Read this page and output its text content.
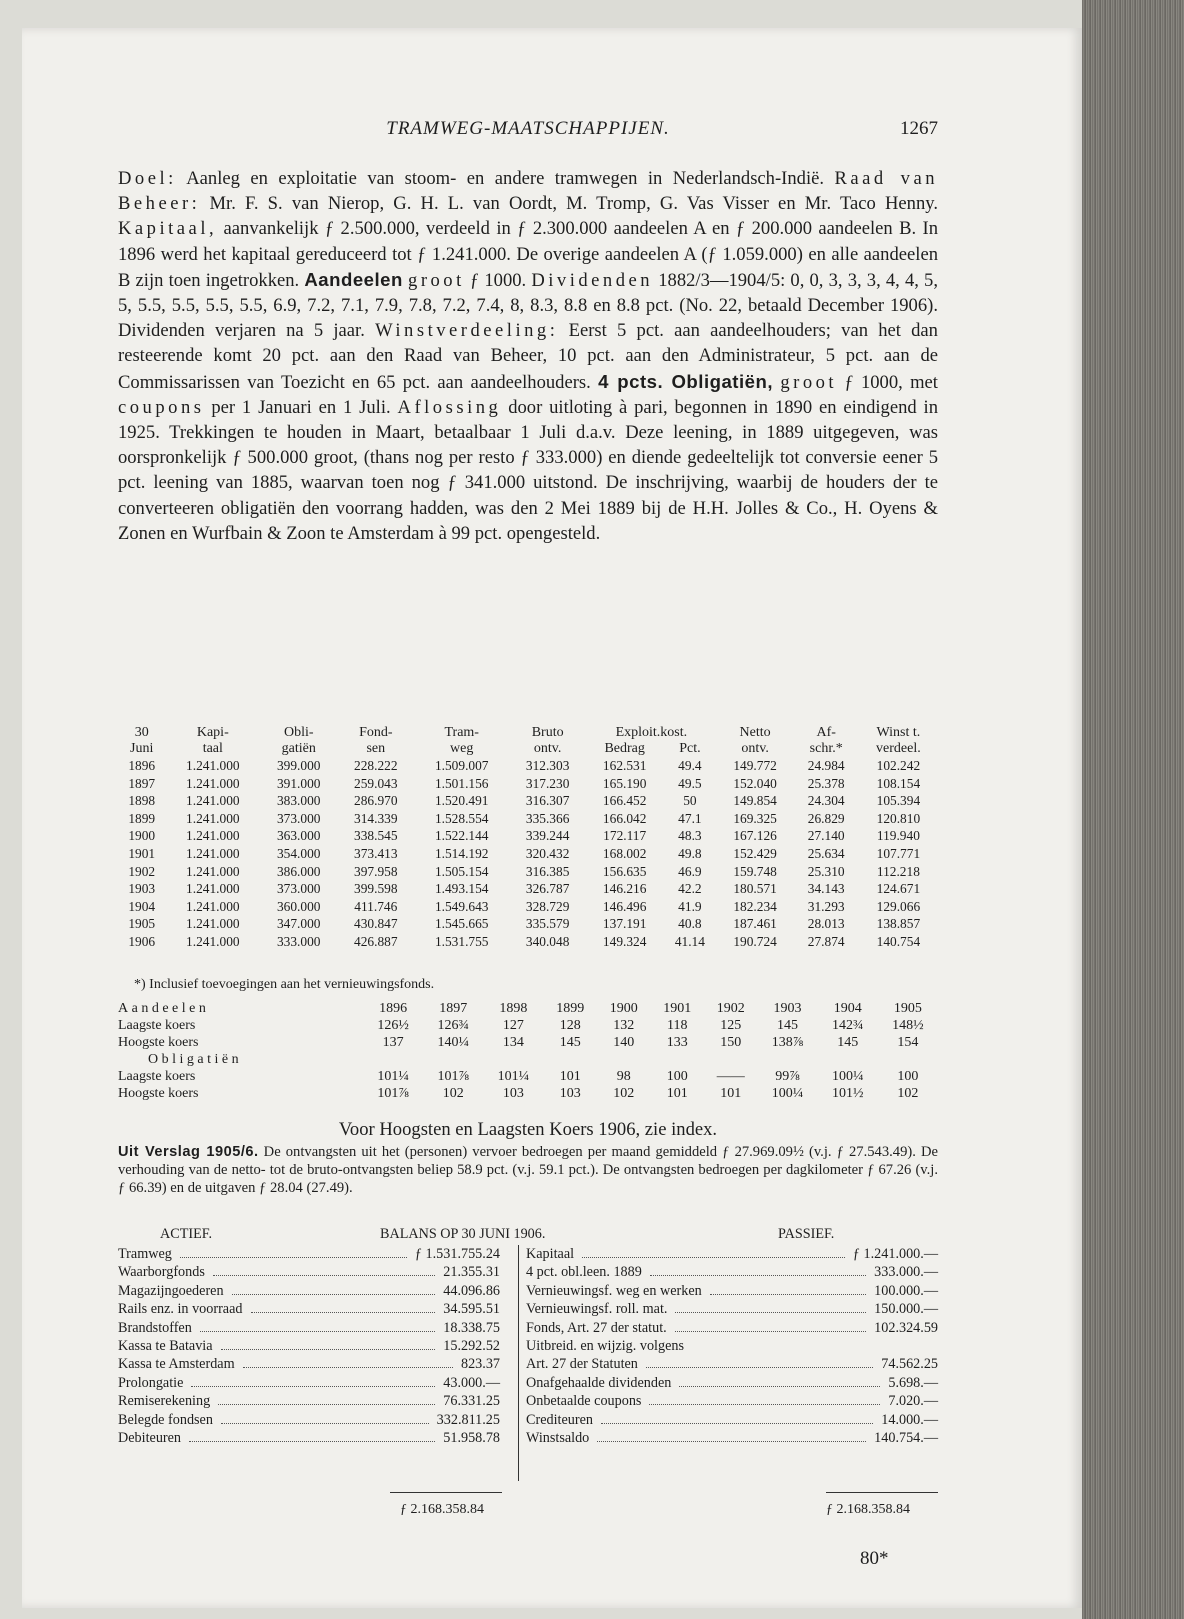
TRAMWEG-MAATSCHAPPIJEN.	1267

Doel: Aanleg en exploitatie van stoom- en andere tramwegen in Nederlandsch-Indië. Raad van Beheer: Mr. F. S. van Nierop, G. H. L. van Oordt, M. Tromp, G. Vas Visser en Mr. Taco Henny. Kapitaal, aanvankelijk ƒ 2.500.000, verdeeld in ƒ 2.300.000 aandeelen A en ƒ 200.000 aandeelen B. In 1896 werd het kapitaal gereduceerd tot ƒ 1.241.000. De overige aandeelen A (ƒ 1.059.000) en alle aandeelen B zijn toen ingetrokken. Aandeelen groot ƒ 1000. Dividenden 1882/3—1904/5: 0, 0, 3, 3, 3, 4, 4, 5, 5, 5.5, 5.5, 5.5, 5.5, 6.9, 7.2, 7.1, 7.9, 7.8, 7.2, 7.4, 8, 8.3, 8.8 en 8.8 pct. (No. 22, betaald December 1906). Dividenden verjaren na 5 jaar. Winstverdeeling: Eerst 5 pct. aan aandeelhouders; van het dan resteerende komt 20 pct. aan den Raad van Beheer, 10 pct. aan den Administrateur, 5 pct. aan de Commissarissen van Toezicht en 65 pct. aan aandeelhouders. 4 pcts. Obligatiën, groot ƒ 1000, met coupons per 1 Januari en 1 Juli. Aflossing door uitloting à pari, begonnen in 1890 en eindigend in 1925. Trekkingen te houden in Maart, betaalbaar 1 Juli d.a.v. Deze leening, in 1889 uitgegeven, was oorspronkelijk ƒ 500.000 groot, (thans nog per resto ƒ 333.000) en diende gedeeltelijk tot conversie eener 5 pct. leening van 1885, waarvan toen nog ƒ 341.000 uitstond. De inschrijving, waarbij de houders der te converteeren obligatiën den voorrang hadden, was den 2 Mei 1889 bij de H.H. Jolles & Co., H. Oyens & Zonen en Wurfbain & Zoon te Amsterdam à 99 pct. opengesteld.

30	Kapi-	Obli-	Fond-	Tram-	Bruto	Exploit.kost.		Netto	Af-	Winst t.
Juni	taal	gatiën	sen	weg	ontv.	Bedrag	Pct.	ontv.	schr.*	verdeel.
1896	1.241.000	399.000	228.222	1.509.007	312.303	162.531	49.4	149.772	24.984	102.242
1897	1.241.000	391.000	259.043	1.501.156	317.230	165.190	49.5	152.040	25.378	108.154
1898	1.241.000	383.000	286.970	1.520.491	316.307	166.452	50	149.854	24.304	105.394
1899	1.241.000	373.000	314.339	1.528.554	335.366	166.042	47.1	169.325	26.829	120.810
1900	1.241.000	363.000	338.545	1.522.144	339.244	172.117	48.3	167.126	27.140	119.940
1901	1.241.000	354.000	373.413	1.514.192	320.432	168.002	49.8	152.429	25.634	107.771
1902	1.241.000	386.000	397.958	1.505.154	316.385	156.635	46.9	159.748	25.310	112.218
1903	1.241.000	373.000	399.598	1.493.154	326.787	146.216	42.2	180.571	34.143	124.671
1904	1.241.000	360.000	411.746	1.549.643	328.729	146.496	41.9	182.234	31.293	129.066
1905	1.241.000	347.000	430.847	1.545.665	335.579	137.191	40.8	187.461	28.013	138.857
1906	1.241.000	333.000	426.887	1.531.755	340.048	149.324	41.14	190.724	27.874	140.754
*) Inclusief toevoegingen aan het vernieuwingsfonds.
Aandeelen	1896	1897	1898	1899	1900	1901	1902	1903	1904	1905
Laagste koers	126½	126¾	127	128	132	118	125	145	142¾	148½
Hoogste koers	137	140¼	134	145	140	133	150	138⅞	145	154
Obligatiën										
Laagste koers	101¼	101⅞	101¼	101	98	100	——	99⅞	100¼	100
Hoogste koers	101⅞	102	103	103	102	101	101	100¼	101½	102
Voor Hoogsten en Laagsten Koers 1906, zie index.
Uit Verslag 1905/6. De ontvangsten uit het (personen) vervoer bedroegen per maand gemiddeld ƒ 27.969.09½ (v.j. ƒ 27.543.49). De verhouding van de netto- tot de bruto-ontvangsten beliep 58.9 pct. (v.j. 59.1 pct.). De ontvangsten bedroegen per dagkilometer ƒ 67.26 (v.j. ƒ 66.39) en de uitgaven ƒ 28.04 (27.49).
ACTIEF.	BALANS OP 30 JUNI 1906.	PASSIEF.
Tramweg	ƒ 1.531.755.24
Waarborgfonds	21.355.31
Magazijngoederen	44.096.86
Rails enz. in voorraad	34.595.51
Brandstoffen	18.338.75
Kassa te Batavia	15.292.52
Kassa te Amsterdam	823.37
Prolongatie	43.000.—
Remiserekening	76.331.25
Belegde fondsen	332.811.25
Debiteuren	51.958.78
Kapitaal	ƒ 1.241.000.—
4 pct. obl.leen. 1889	333.000.—
Vernieuwingsf. weg en werken	100.000.—
Vernieuwingsf. roll. mat.	150.000.—
Fonds, Art. 27 der statut.	102.324.59
Uitbreid. en wijzig. volgens
Art. 27 der Statuten	74.562.25
Onafgehaalde dividenden	5.698.—
Onbetaalde coupons	7.020.—
Crediteuren	14.000.—
Winstsaldo	140.754.—
ƒ 2.168.358.84	ƒ 2.168.358.84
80*
